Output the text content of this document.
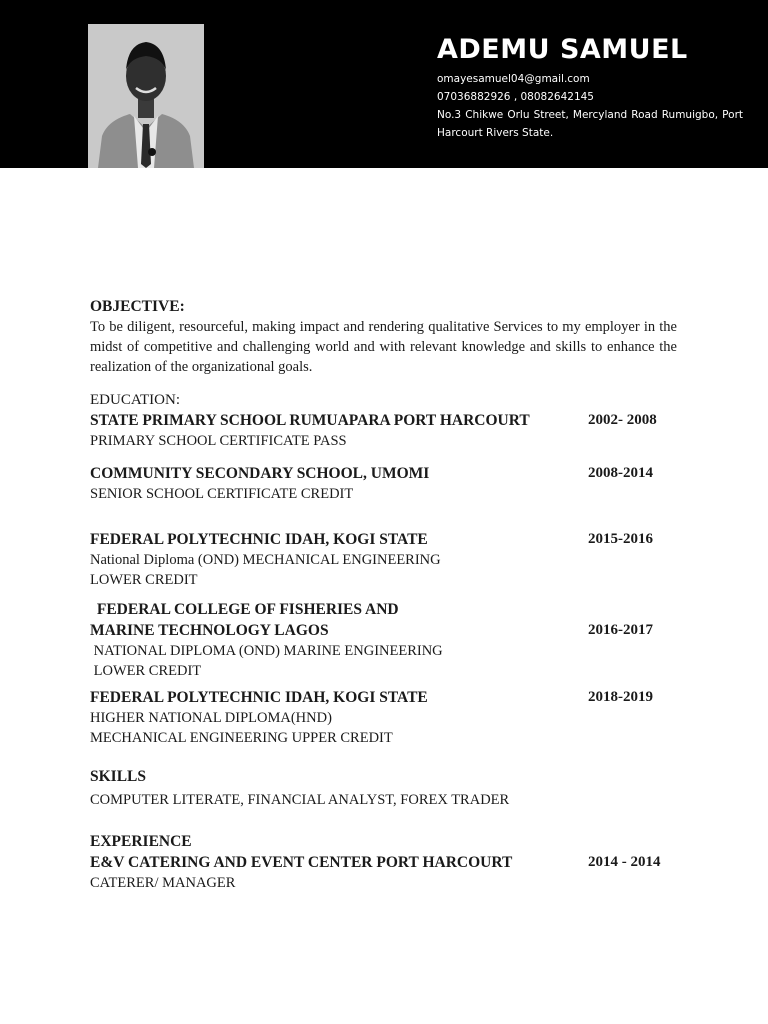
ADEMU SAMUEL
omayesamuel04@gmail.com
07036882926 , 08082642145
No.3 Chikwe Orlu Street, Mercyland Road Rumuigbo, Port Harcourt Rivers State.
OBJECTIVE:
To be diligent, resourceful, making impact and rendering qualitative Services to my employer in the midst of competitive and challenging world and with relevant knowledge and skills to enhance the realization of the organizational goals.
EDUCATION:
STATE PRIMARY SCHOOL RUMUAPARA PORT HARCOURT	2002- 2008
PRIMARY SCHOOL CERTIFICATE PASS
COMMUNITY SECONDARY SCHOOL, UMOMI	2008-2014
SENIOR SCHOOL CERTIFICATE CREDIT
FEDERAL POLYTECHNIC IDAH, KOGI STATE	2015-2016
National Diploma (OND) MECHANICAL ENGINEERING
LOWER CREDIT
FEDERAL COLLEGE OF FISHERIES AND
MARINE TECHNOLOGY LAGOS	2016-2017
NATIONAL DIPLOMA (OND) MARINE ENGINEERING
LOWER CREDIT
FEDERAL POLYTECHNIC IDAH, KOGI STATE	2018-2019
HIGHER NATIONAL DIPLOMA(HND)
MECHANICAL ENGINEERING UPPER CREDIT
SKILLS
COMPUTER LITERATE, FINANCIAL ANALYST, FOREX TRADER
EXPERIENCE
E&V CATERING AND EVENT CENTER PORT HARCOURT	2014 - 2014
CATERER/ MANAGER
